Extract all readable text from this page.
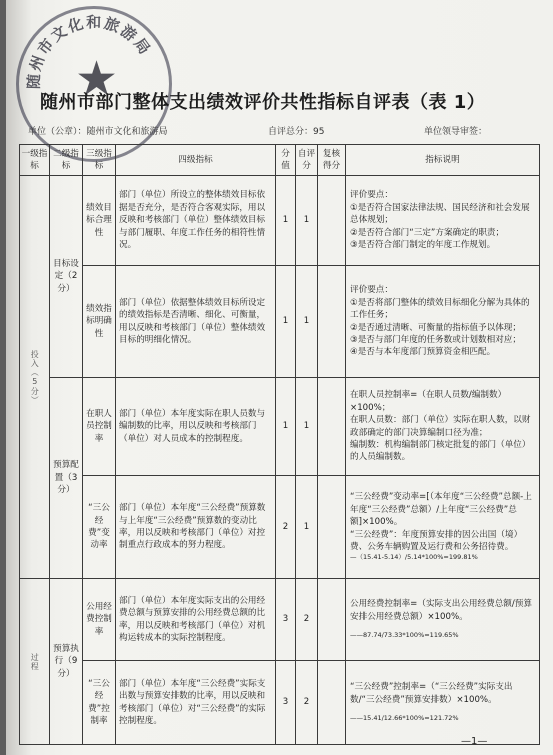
随州市文化和旅游局
★
随州市部门整体支出绩效评价共性指标自评表（表 1）
单位（公章）：随州市文化和旅游局	自评总分：95	单位领导审签：
一级指标	二级指标	三级指标	四级指标	分值	自评分	复核得分	指标说明

投入（5分）	目标设定（2分）	绩效目标合理性	部门（单位）所设立的整体绩效目标依据是否充分，是否符合客观实际，用以反映和考核部门（单位）整体绩效目标与部门履职、年度工作任务的相符性情况。	1	1		评价要点：
①是否符合国家法律法规、国民经济和社会发展总体规划；
②是否符合部门“三定”方案确定的职责；
③是否符合部门制定的年度工作规划。

		绩效指标明确性	部门（单位）依据整体绩效目标所设定的绩效指标是否清晰、细化、可衡量，用以反映和考核部门（单位）整体绩效目标的明细化情况。	1	1		评价要点：
①是否将部门整体的绩效目标细化分解为具体的工作任务；
②是否通过清晰、可衡量的指标值予以体现；
③是否与部门年度的任务数或计划数相对应；
④是否与本年度部门预算资金相匹配。

	预算配置（3分）	在职人员控制率	部门（单位）本年度实际在职人员数与编制数的比率，用以反映和考核部门（单位）对人员成本的控制程度。	1	1		在职人员控制率=（在职人员数/编制数）×100%；
在职人员数：部门（单位）实际在职人数，以财政部确定的部门决算编制口径为准；
编制数：机构编制部门核定批复的部门（单位）的人员编制数。

		“三公经费”变动率	部门（单位）本年度“三公经费”预算数与上年度“三公经费”预算数的变动比率，用以反映和考核部门（单位）对控制重点行政成本的努力程度。	2	1		“三公经费”变动率=[（本年度“三公经费”总额-上年度“三公经费”总额）/上年度“三公经费”总额]×100%。
“三公经费”：年度预算安排的因公出国（境）费、公务车辆购置及运行费和公务招待费。
—（15.41-5.14）/5.14*100%=199.81%

过程	预算执行（9分）	公用经费控制率	部门（单位）本年度实际支出的公用经费总额与预算安排的公用经费总额的比率，用以反映和考核部门（单位）对机构运转成本的实际控制程度。	3	2		公用经费控制率=（实际支出公用经费总额/预算安排公用经费总额）×100%。
——87.74/73.33*100%=119.65%

		“三公经费”控制率	部门（单位）本年度“三公经费”实际支出数与预算安排数的比率，用以反映和考核部门（单位）对“三公经费”的实际控制程度。	3	2		“三公经费”控制率=（“三公经费”实际支出数/“三公经费”预算安排数）×100%。
——15.41/12.66*100%=121.72%
—1—
